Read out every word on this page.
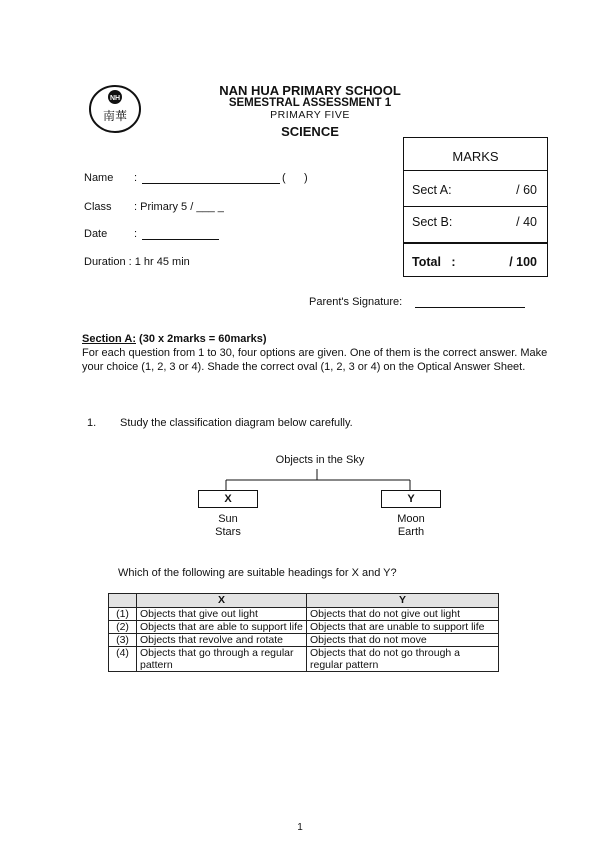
NH
南華
NAN HUA PRIMARY SCHOOL
SEMESTRAL ASSESSMENT 1
PRIMARY FIVE
SCIENCE
Name :	(      )
Class : Primary 5 / ___ _
Date :
Duration : 1 hr 45 min
Parent's Signature:
MARKS
Sect A:	/ 60
Sect B:	/ 40
Total   :	/ 100
Section A: (30 x 2marks = 60marks)
For each question from 1 to 30, four options are given. One of them is the correct answer. Make your choice (1, 2, 3 or 4). Shade the correct oval (1, 2, 3 or 4) on the Optical Answer Sheet.
1. Study the classification diagram below carefully.
Objects in the Sky
X	Y
Sun
Stars
Moon
Earth
Which of the following are suitable headings for X and Y?
	X	Y
(1)	Objects that give out light	Objects that do not give out light
(2)	Objects that are able to support life	Objects that are unable to support life
(3)	Objects that revolve and rotate	Objects that do not move
(4)	Objects that go through a regular pattern	Objects that do not go through a regular pattern
1
